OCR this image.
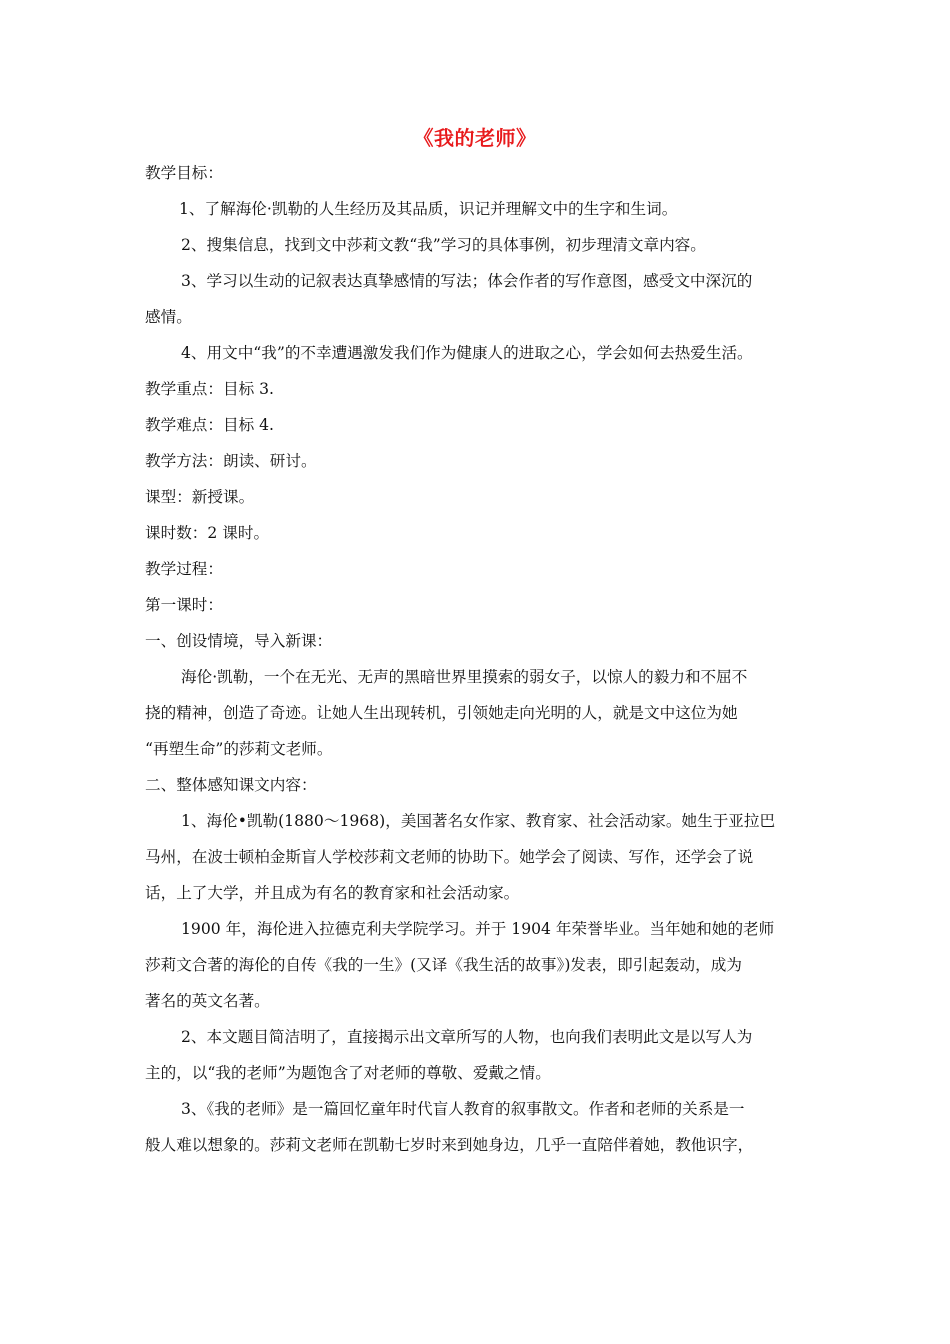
《我的老师》
教学目标：
1、了解海伦·凯勒的人生经历及其品质，识记并理解文中的生字和生词。
2、搜集信息，找到文中莎莉文教“我”学习的具体事例，初步理清文章内容。
3、学习以生动的记叙表达真挚感情的写法；体会作者的写作意图，感受文中深沉的
感情。
4、用文中“我”的不幸遭遇激发我们作为健康人的进取之心，学会如何去热爱生活。
教学重点：目标 3.
教学难点：目标 4.
教学方法：朗读、研讨。
课型：新授课。
课时数：2 课时。
教学过程：
第一课时：
一、创设情境，导入新课：
海伦·凯勒，一个在无光、无声的黑暗世界里摸索的弱女子，以惊人的毅力和不屈不
挠的精神，创造了奇迹。让她人生出现转机，引领她走向光明的人，就是文中这位为她
“再塑生命”的莎莉文老师。
二、整体感知课文内容：
1、海伦•凯勒(1880～1968)，美国著名女作家、教育家、社会活动家。她生于亚拉巴
马州，在波士顿柏金斯盲人学校莎莉文老师的协助下。她学会了阅读、写作，还学会了说
话，上了大学，并且成为有名的教育家和社会活动家。
1900 年，海伦进入拉德克利夫学院学习。并于 1904 年荣誉毕业。当年她和她的老师
莎莉文合著的海伦的自传《我的一生》(又译《我生活的故事》)发表，即引起轰动，成为
著名的英文名著。
2、本文题目简洁明了，直接揭示出文章所写的人物，也向我们表明此文是以写人为
主的，以“我的老师”为题饱含了对老师的尊敬、爱戴之情。
3、《我的老师》是一篇回忆童年时代盲人教育的叙事散文。作者和老师的关系是一
般人难以想象的。莎莉文老师在凯勒七岁时来到她身边，几乎一直陪伴着她，教他识字，
